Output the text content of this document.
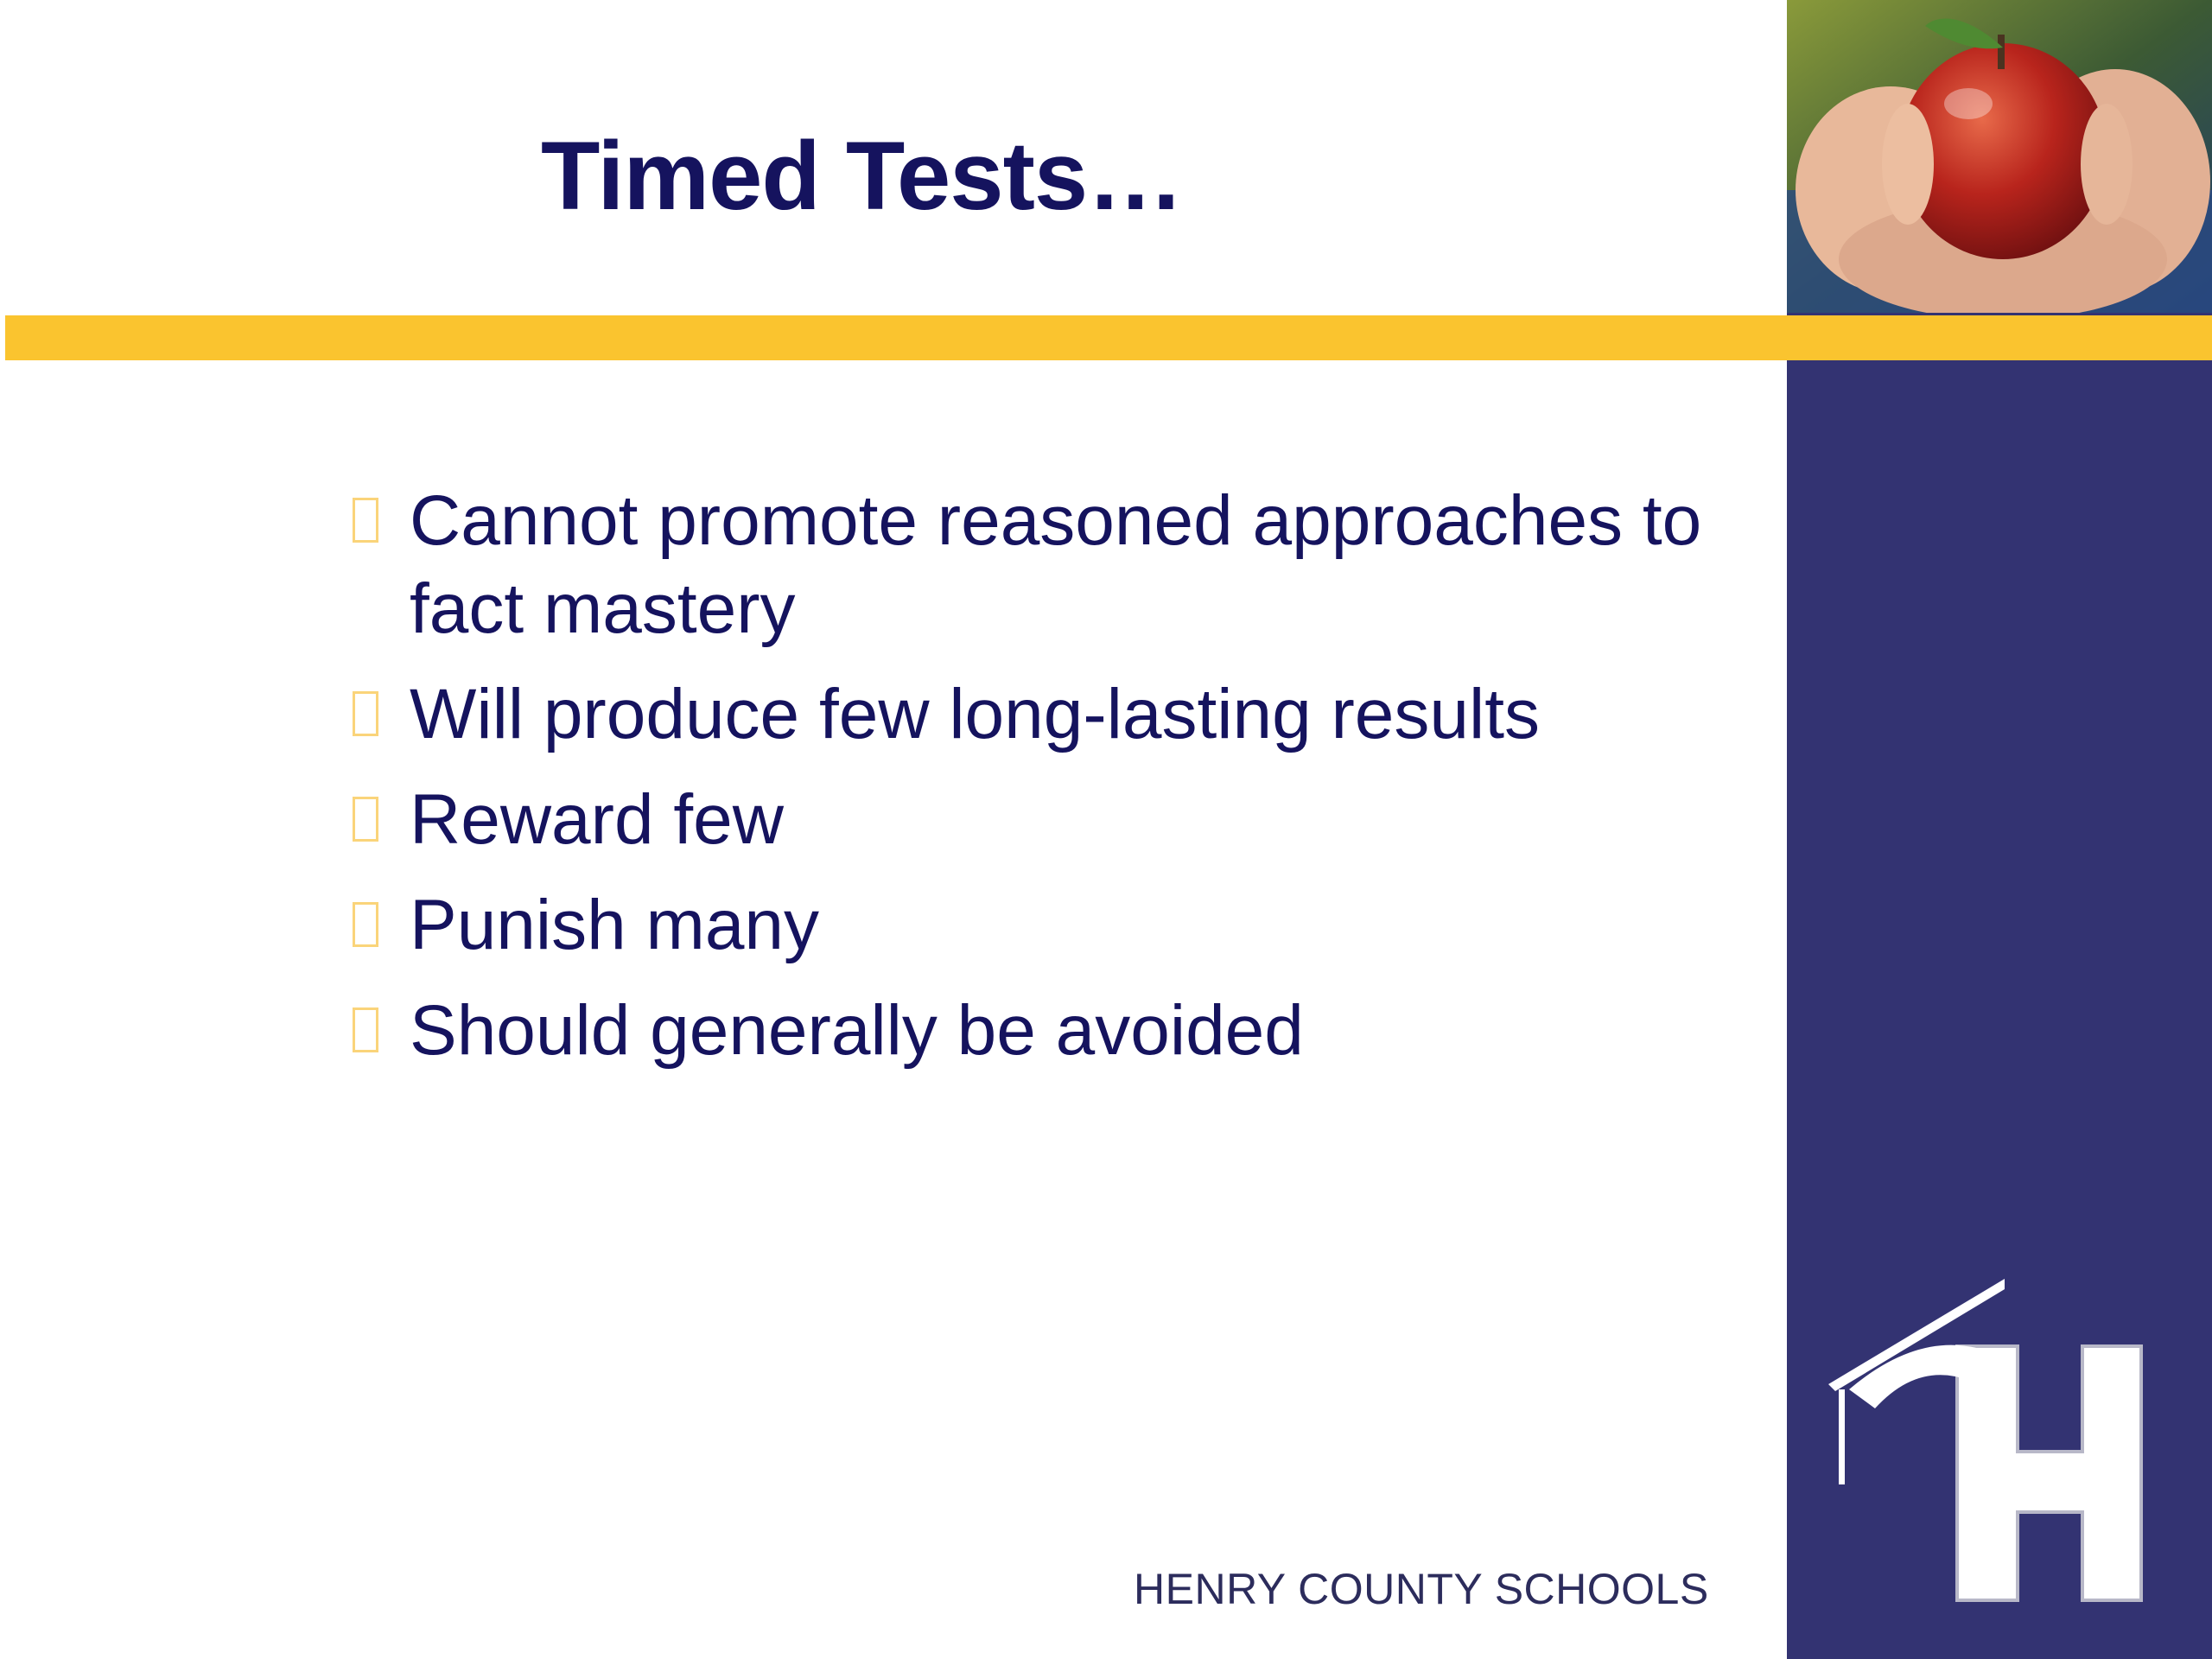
Timed Tests…
Cannot promote reasoned approaches to fact mastery
Will produce few long-lasting results
Reward few
Punish many
Should generally be avoided
HENRY COUNTY SCHOOLS
